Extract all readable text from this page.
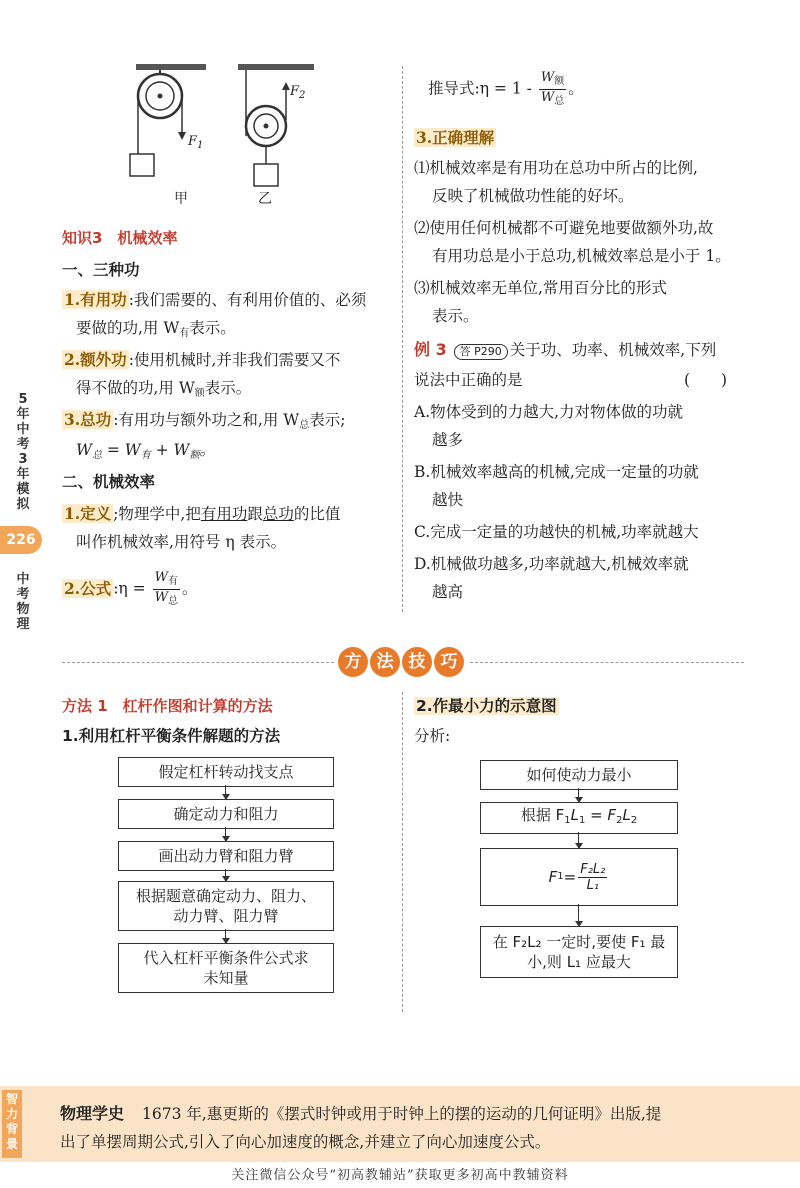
5年中考3年模拟
226
中考物理
$F_1$
$F_2$
甲	乙
知识3　机械效率
一、三种功
1.有用功 :我们需要的、有利用价值的、必须
要做的功,用 $W_有$表示。
2.额外功 :使用机械时,并非我们需要又不
得不做的功,用 $W_额$表示。
3.总功 :有用功与额外功之和,用 $W_总$表示;
$W_总 = W_有 + W_额$。
二、机械效率
1.定义 ;物理学中,把有用功跟总功的比值
叫作机械效率,用符号 η 表示。
2.公式 :η = $\frac{W_有}{W_总}$ 。
推导式:η = $1 - \frac{W_额}{W_总}$ 。
3.正确理解
⑴机械效率是有用功在总功中所占的比例,
反映了机械做功性能的好坏。
⑵使用任何机械都不可避免地要做额外功,故
有用功总是小于总功,机械效率总是小于 1。
⑶机械效率无单位,常用百分比的形式
表示。
例 3 答 P290 关于功、功率、机械效率,下列
说法中正确的是	(　　)
A.物体受到的力越大,力对物体做的功就
越多
B.机械效率越高的机械,完成一定量的功就
越快
C.完成一定量的功越快的机械,功率就越大
D.机械做功越多,功率就越大,机械效率就
越高
方 法 技 巧
方法 1　杠杆作图和计算的方法
1.利用杠杆平衡条件解题的方法
假定杠杆转动找支点
确定动力和阻力
画出动力臂和阻力臂
根据题意确定动力、阻力、
动力臂、阻力臂
代入杠杆平衡条件公式求
未知量
2.作最小力的示意图
分析:
如何使动力最小
根据 $F_1L_1 = F_2L_2$
F $1 = \frac{\text{F₂L₂}}{\text{L₁}}$
在 F₂L₂ 一定时,要使 F₁ 最
小,则 L₁ 应最大
智力背景
物理学史 1673 年,惠更斯的《摆式时钟或用于时钟上的摆的运动的几何证明》出版,提
出了单摆周期公式,引入了向心加速度的概念,并建立了向心加速度公式。
关注微信公众号“初高教辅站”获取更多初高中教辅资料
